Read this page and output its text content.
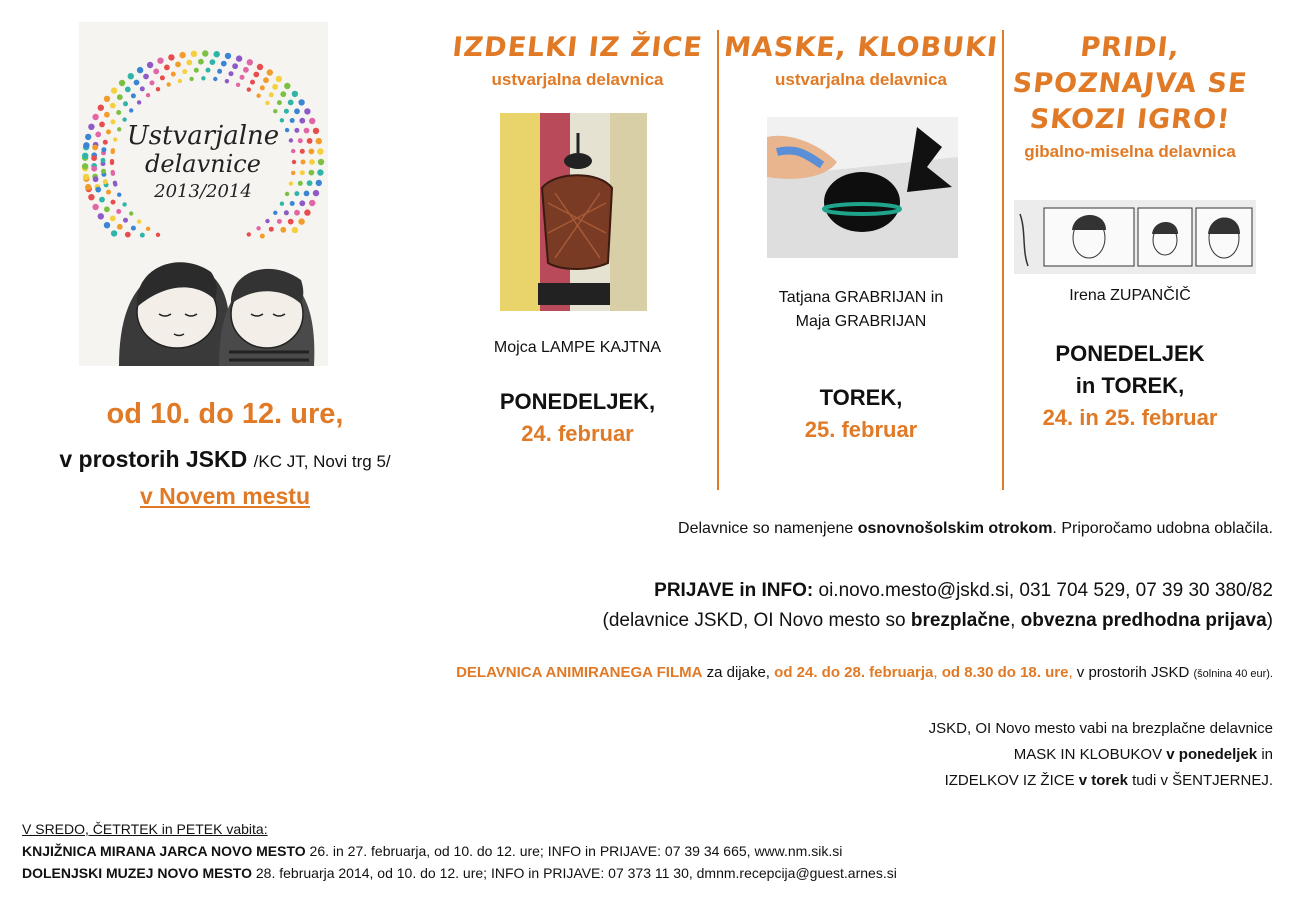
Ustvarjalne
delavnice
2013/2014
od 10. do 12. ure,
v prostorih JSKD /KC JT, Novi trg 5/
v Novem mestu
IZDELKI IZ ŽICE
ustvarjalna delavnica
Mojca LAMPE KAJTNA
PONEDELJEK,
24. februar
MASKE, KLOBUKI
ustvarjalna delavnica
Tatjana GRABRIJAN in
Maja GRABRIJAN
TOREK,
25. februar
PRIDI,
SPOZNAJVA SE
SKOZI IGRO!
gibalno-miselna delavnica
Irena ZUPANČIČ
PONEDELJEK
in TOREK,
24. in 25. februar
Delavnice so namenjene osnovnošolskim otrokom. Priporočamo udobna oblačila.
PRIJAVE in INFO: oi.novo.mesto@jskd.si, 031 704 529, 07 39 30 380/82
(delavnice JSKD, OI Novo mesto so brezplačne, obvezna predhodna prijava)
DELAVNICA ANIMIRANEGA FILMA za dijake, od 24. do 28. februarja, od 8.30 do 18. ure, v prostorih JSKD (šolnina 40 eur).
JSKD, OI Novo mesto vabi na brezplačne delavnice
MASK IN KLOBUKOV v ponedeljek in
IZDELKOV IZ ŽICE v torek tudi v ŠENTJERNEJ.
V SREDO, ČETRTEK in PETEK vabita:
KNJIŽNICA MIRANA JARCA NOVO MESTO 26. in 27. februarja, od 10. do 12. ure; INFO in PRIJAVE: 07 39 34 665, www.nm.sik.si
DOLENJSKI MUZEJ NOVO MESTO 28. februarja 2014, od 10. do 12. ure; INFO in PRIJAVE: 07 373 11 30, dmnm.recepcija@guest.arnes.si
